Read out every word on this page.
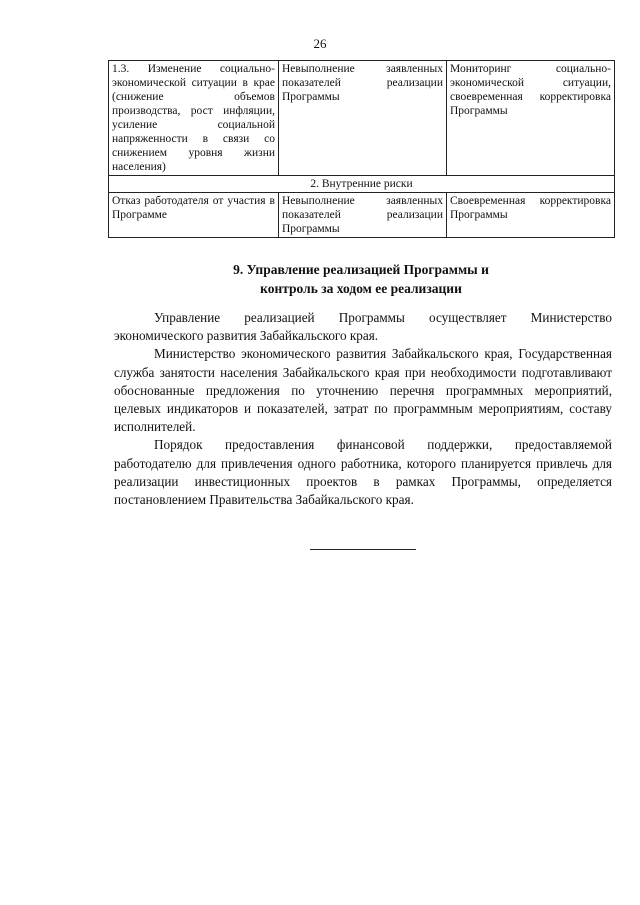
26
1.3. Изменение социально-экономической ситуации в крае (снижение объемов производства, рост инфляции, усиление социальной напряженности в связи со снижением уровня жизни населения)	Невыполнение заявленных показателей реализации Программы	Мониторинг социально-экономической ситуации, своевременная корректировка Программы
2. Внутренние риски		
Отказ работодателя от участия в Программе	Невыполнение заявленных показателей реализации Программы	Своевременная корректировка Программы
9. Управление реализацией Программы и
контроль за ходом ее реализации

Управление реализацией Программы осуществляет Министерство экономического развития Забайкальского края.

Министерство экономического развития Забайкальского края, Государственная служба занятости населения Забайкальского края при необходимости подготавливают обоснованные предложения по уточнению перечня программных мероприятий, целевых индикаторов и показателей, затрат по программным мероприятиям, составу исполнителей.

Порядок предоставления финансовой поддержки, предоставляемой работодателю для привлечения одного работника, которого планируется привлечь для реализации инвестиционных проектов в рамках Программы, определяется постановлением Правительства Забайкальского края.
